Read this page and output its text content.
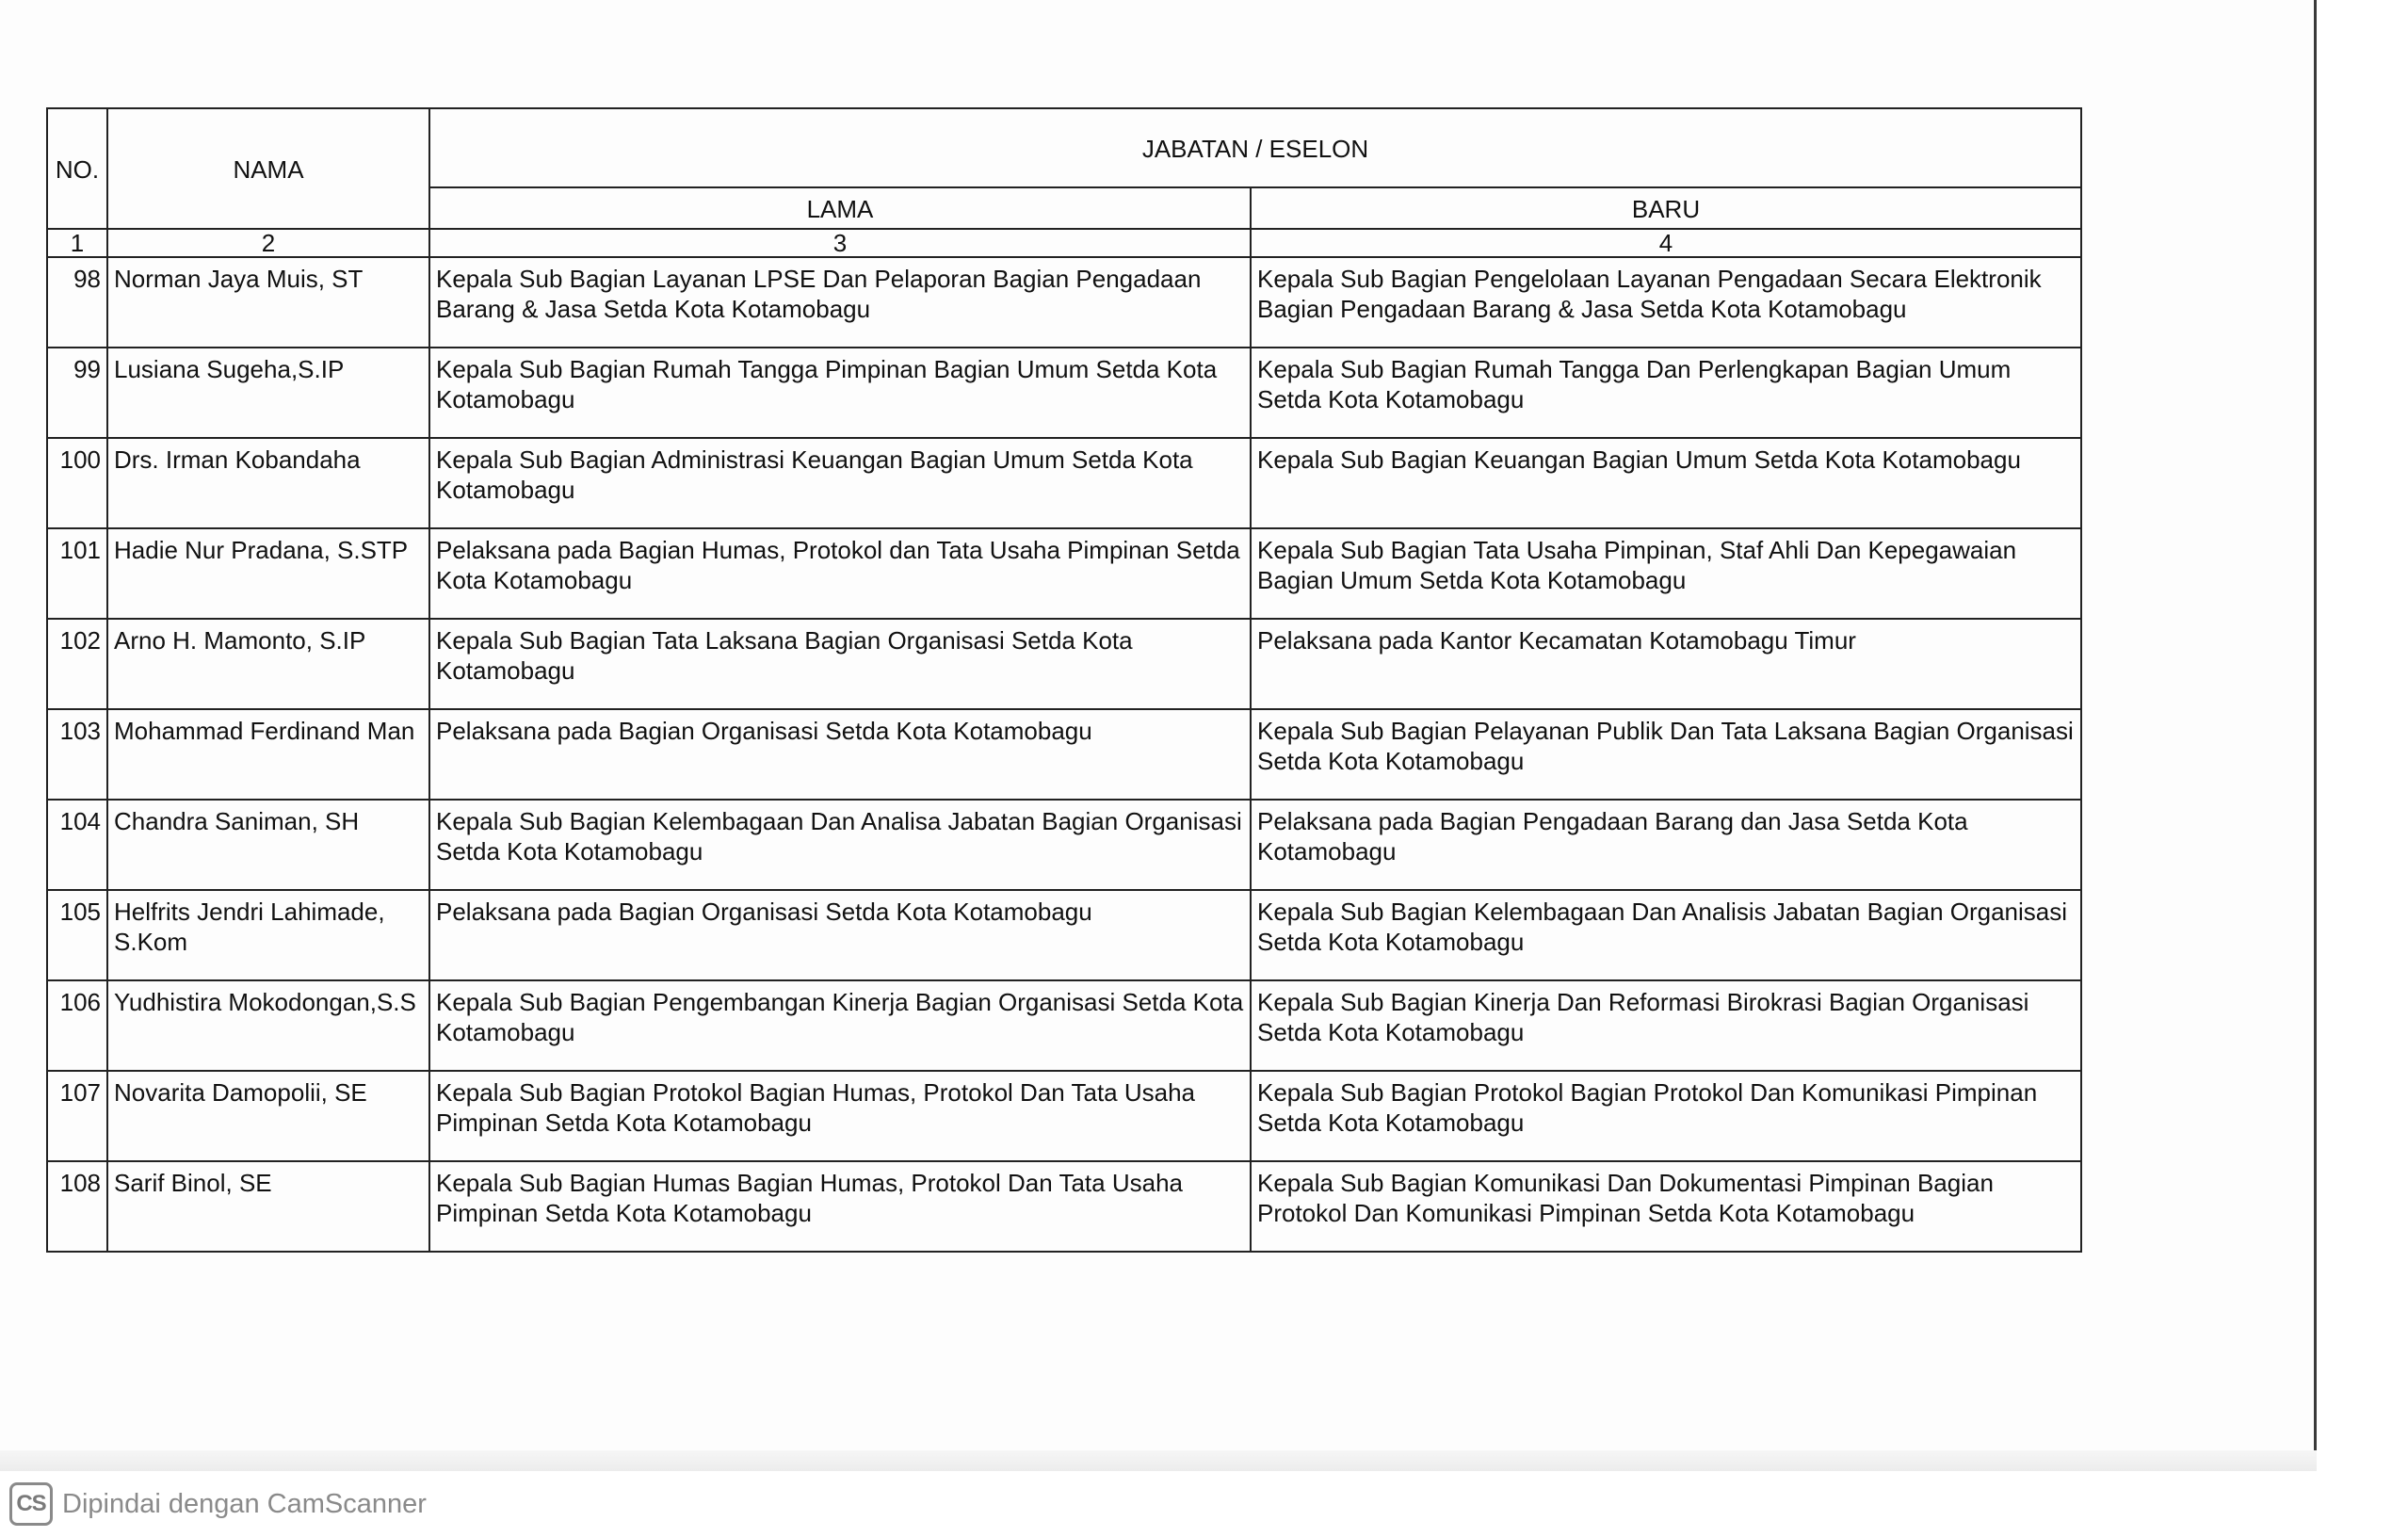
NO.	NAMA	JABATAN / ESELON	
		LAMA	BARU
1	2	3	4
98	Norman Jaya Muis, ST	Kepala Sub Bagian Layanan LPSE Dan Pelaporan Bagian Pengadaan Barang & Jasa Setda Kota Kotamobagu	Kepala Sub Bagian Pengelolaan Layanan Pengadaan Secara Elektronik Bagian Pengadaan Barang & Jasa Setda Kota Kotamobagu
99	Lusiana Sugeha,S.IP	Kepala Sub Bagian Rumah Tangga Pimpinan Bagian Umum Setda Kota Kotamobagu	Kepala Sub Bagian Rumah Tangga Dan Perlengkapan Bagian Umum Setda Kota Kotamobagu
100	Drs. Irman Kobandaha	Kepala Sub Bagian Administrasi Keuangan Bagian Umum Setda Kota Kotamobagu	Kepala Sub Bagian Keuangan Bagian Umum Setda Kota Kotamobagu
101	Hadie Nur Pradana, S.STP	Pelaksana pada Bagian Humas, Protokol dan Tata Usaha Pimpinan Setda Kota Kotamobagu	Kepala Sub Bagian Tata Usaha Pimpinan, Staf Ahli Dan Kepegawaian Bagian Umum Setda Kota Kotamobagu
102	Arno H. Mamonto, S.IP	Kepala Sub Bagian Tata Laksana Bagian Organisasi Setda Kota Kotamobagu	Pelaksana pada Kantor Kecamatan Kotamobagu Timur
103	Mohammad Ferdinand Man	Pelaksana pada Bagian Organisasi Setda Kota Kotamobagu	Kepala Sub Bagian Pelayanan Publik Dan Tata Laksana Bagian Organisasi Setda Kota Kotamobagu
104	Chandra Saniman, SH	Kepala Sub Bagian Kelembagaan Dan Analisa Jabatan Bagian Organisasi Setda Kota Kotamobagu	Pelaksana pada Bagian Pengadaan Barang dan Jasa Setda Kota Kotamobagu
105	Helfrits Jendri Lahimade, S.Kom	Pelaksana pada Bagian Organisasi Setda Kota Kotamobagu	Kepala Sub Bagian Kelembagaan Dan Analisis Jabatan Bagian Organisasi Setda Kota Kotamobagu
106	Yudhistira Mokodongan,S.S	Kepala Sub Bagian Pengembangan Kinerja Bagian Organisasi Setda Kota Kotamobagu	Kepala Sub Bagian Kinerja Dan Reformasi Birokrasi Bagian Organisasi Setda Kota Kotamobagu
107	Novarita Damopolii, SE	Kepala Sub Bagian Protokol Bagian Humas, Protokol Dan Tata Usaha Pimpinan Setda Kota Kotamobagu	Kepala Sub Bagian Protokol Bagian Protokol Dan Komunikasi Pimpinan Setda Kota Kotamobagu
108	Sarif Binol, SE	Kepala Sub Bagian Humas Bagian Humas, Protokol Dan Tata Usaha Pimpinan Setda Kota Kotamobagu	Kepala Sub Bagian Komunikasi Dan Dokumentasi Pimpinan Bagian Protokol Dan Komunikasi Pimpinan Setda Kota Kotamobagu
CS Dipindai dengan CamScanner
